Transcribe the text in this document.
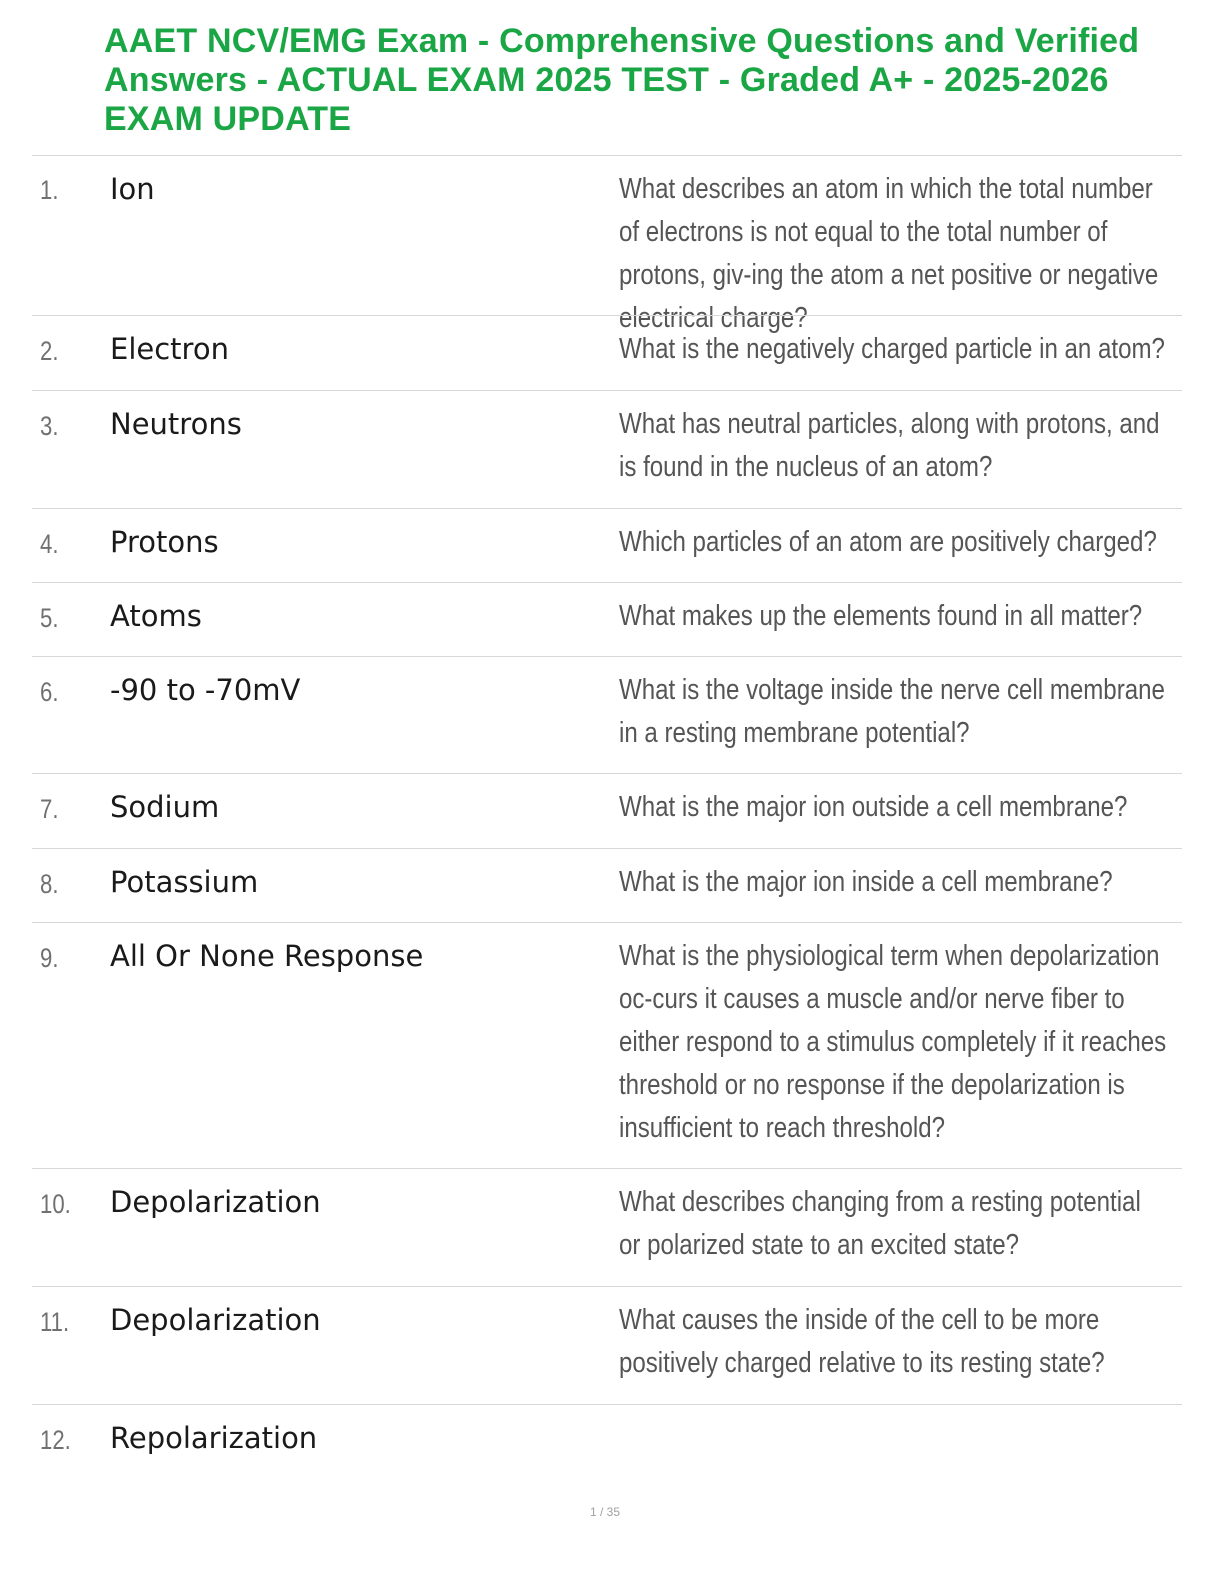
AAET NCV/EMG Exam - Comprehensive Questions and Verified Answers - ACTUAL EXAM 2025 TEST - Graded A+ - 2025-2026 EXAM UPDATE
1. Ion	What describes an atom in which the total number of electrons is not equal to the total number of protons, giv-ing the atom a net positive or negative electrical charge?
2. Electron	What is the negatively charged particle in an atom?
3. Neutrons	What has neutral particles, along with protons, and is found in the nucleus of an atom?
4. Protons	Which particles of an atom are positively charged?
5. Atoms	What makes up the elements found in all matter?
6. -90 to -70mV	What is the voltage inside the nerve cell membrane in a resting membrane potential?
7. Sodium	What is the major ion outside a cell membrane?
8. Potassium	What is the major ion inside a cell membrane?
9. All Or None Response	What is the physiological term when depolarization oc-curs it causes a muscle and/or nerve fiber to either respond to a stimulus completely if it reaches threshold or no response if the depolarization is insufficient to reach threshold?
10. Depolarization	What describes changing from a resting potential or polarized state to an excited state?
11. Depolarization	What causes the inside of the cell to be more positively charged relative to its resting state?
12. Repolarization
1 / 35
